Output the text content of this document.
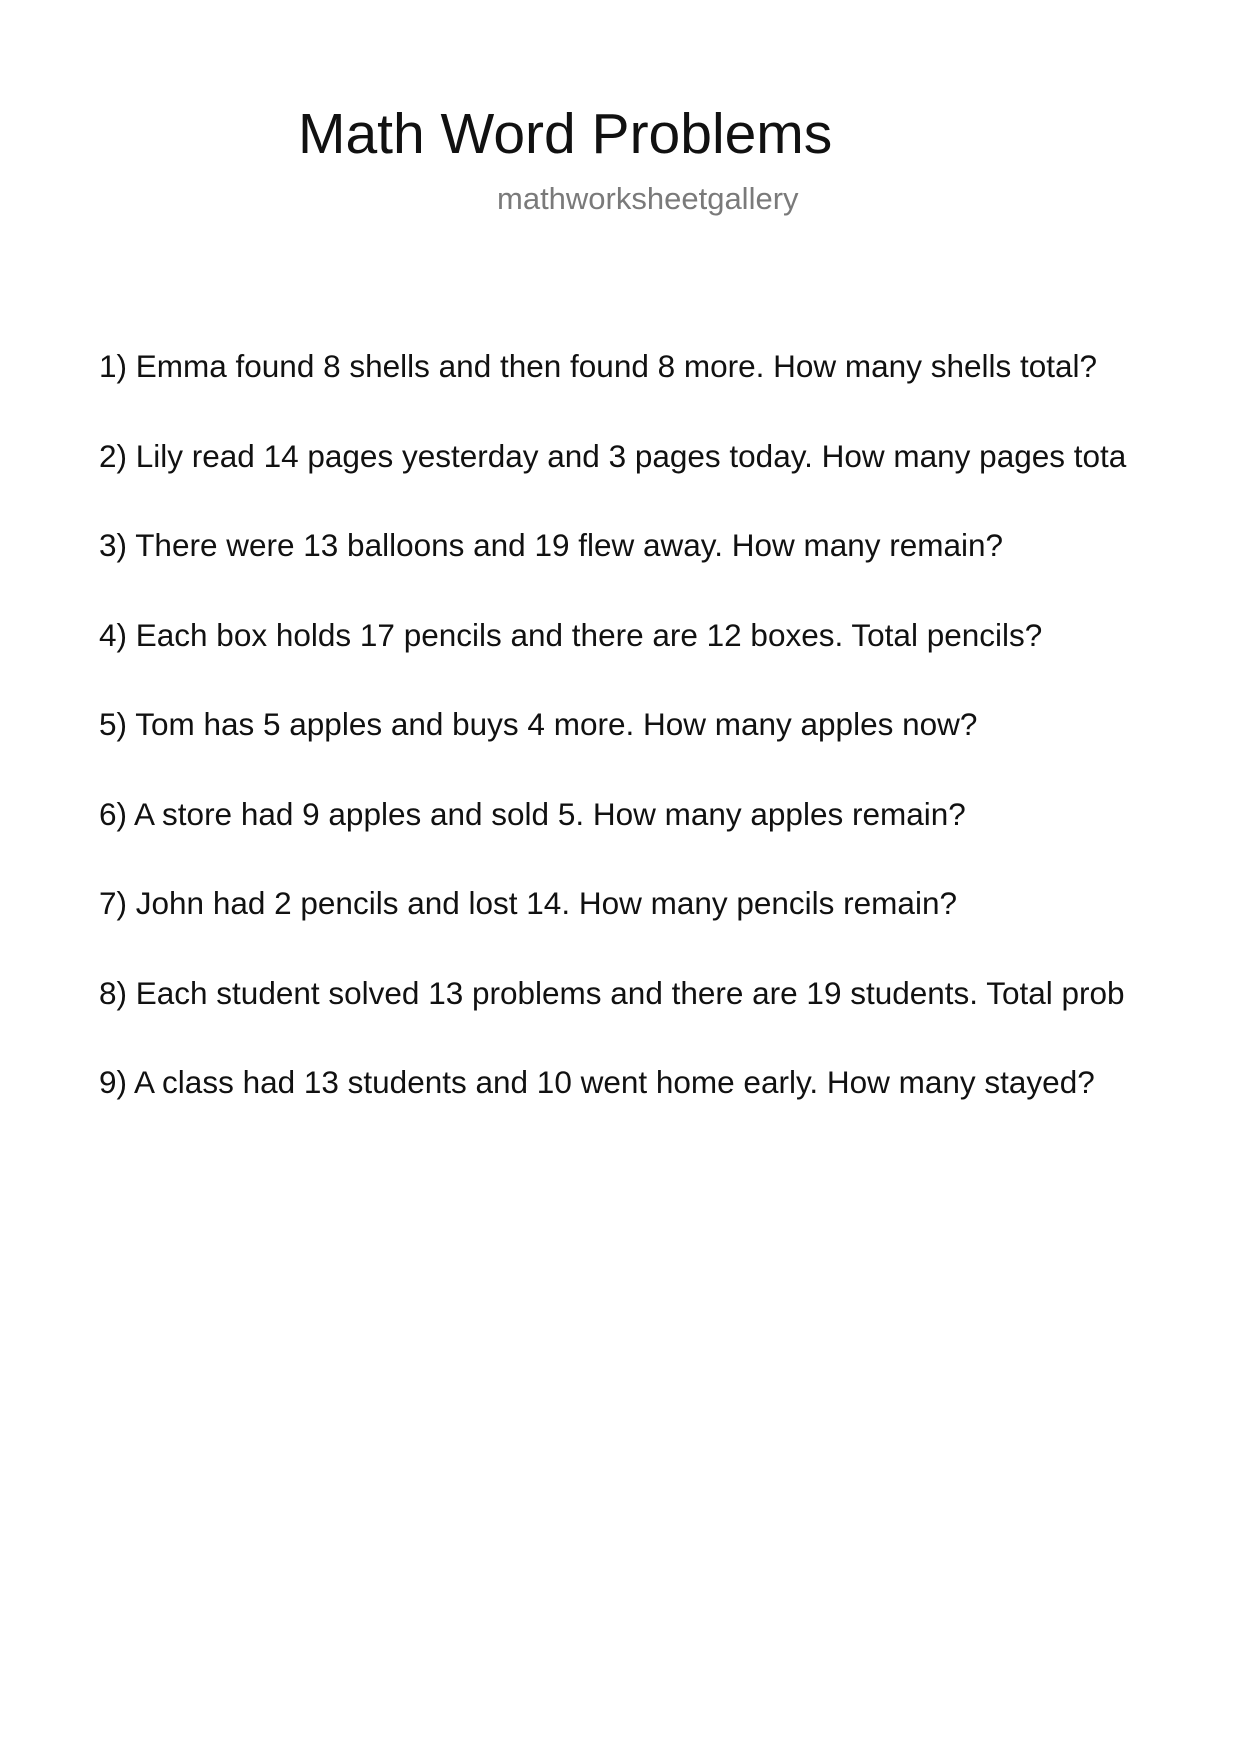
Math Word Problems
mathworksheetgallery
1) Emma found 8 shells and then found 8 more. How many shells total?
2) Lily read 14 pages yesterday and 3 pages today. How many pages tota
3) There were 13 balloons and 19 flew away. How many remain?
4) Each box holds 17 pencils and there are 12 boxes. Total pencils?
5) Tom has 5 apples and buys 4 more. How many apples now?
6) A store had 9 apples and sold 5. How many apples remain?
7) John had 2 pencils and lost 14. How many pencils remain?
8) Each student solved 13 problems and there are 19 students. Total prob
9) A class had 13 students and 10 went home early. How many stayed?
